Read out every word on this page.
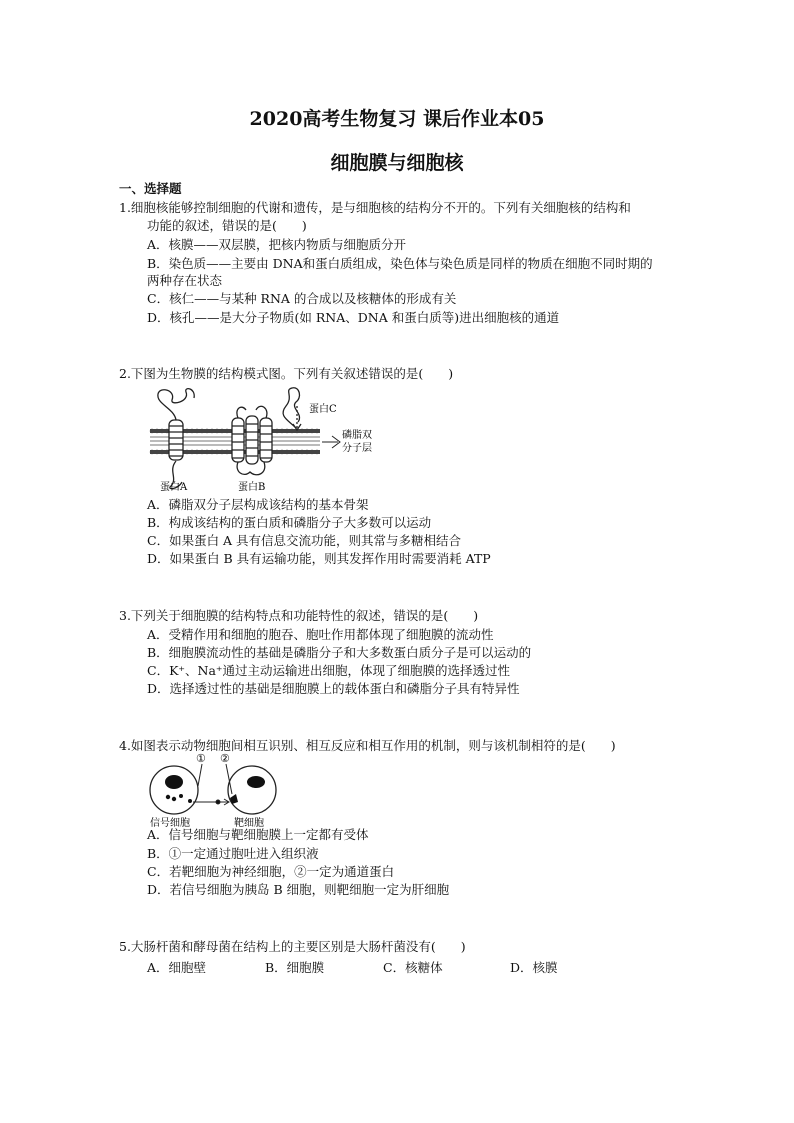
2020高考生物复习 课后作业本05
细胞膜与细胞核
一、选择题
1.细胞核能够控制细胞的代谢和遗传，是与细胞核的结构分不开的。下列有关细胞核的结构和
功能的叙述，错误的是(　　)
A．核膜——双层膜，把核内物质与细胞质分开
B．染色质——主要由 DNA和蛋白质组成，染色体与染色质是同样的物质在细胞不同时期的
两种存在状态
C．核仁——与某种 RNA 的合成以及核糖体的形成有关
D．核孔——是大分子物质(如 RNA、DNA 和蛋白质等)进出细胞核的通道
2.下图为生物膜的结构模式图。下列有关叙述错误的是(　　)
蛋白C
磷脂双
分子层
蛋白A	蛋白B
A．磷脂双分子层构成该结构的基本骨架
B．构成该结构的蛋白质和磷脂分子大多数可以运动
C．如果蛋白 A 具有信息交流功能，则其常与多糖相结合
D．如果蛋白 B 具有运输功能，则其发挥作用时需要消耗 ATP
3.下列关于细胞膜的结构特点和功能特性的叙述，错误的是(　　)
A．受精作用和细胞的胞吞、胞吐作用都体现了细胞膜的流动性
B．细胞膜流动性的基础是磷脂分子和大多数蛋白质分子是可以运动的
C．K⁺、Na⁺通过主动运输进出细胞，体现了细胞膜的选择透过性
D．选择透过性的基础是细胞膜上的载体蛋白和磷脂分子具有特异性
4.如图表示动物细胞间相互识别、相互反应和相互作用的机制，则与该机制相符的是(　　)
① ②
信号细胞	靶细胞
A．信号细胞与靶细胞膜上一定都有受体
B．①一定通过胞吐进入组织液
C．若靶细胞为神经细胞，②一定为通道蛋白
D．若信号细胞为胰岛 B 细胞，则靶细胞一定为肝细胞
5.大肠杆菌和酵母菌在结构上的主要区别是大肠杆菌没有(　　)
A．细胞壁	B．细胞膜	C．核糖体	D．核膜
